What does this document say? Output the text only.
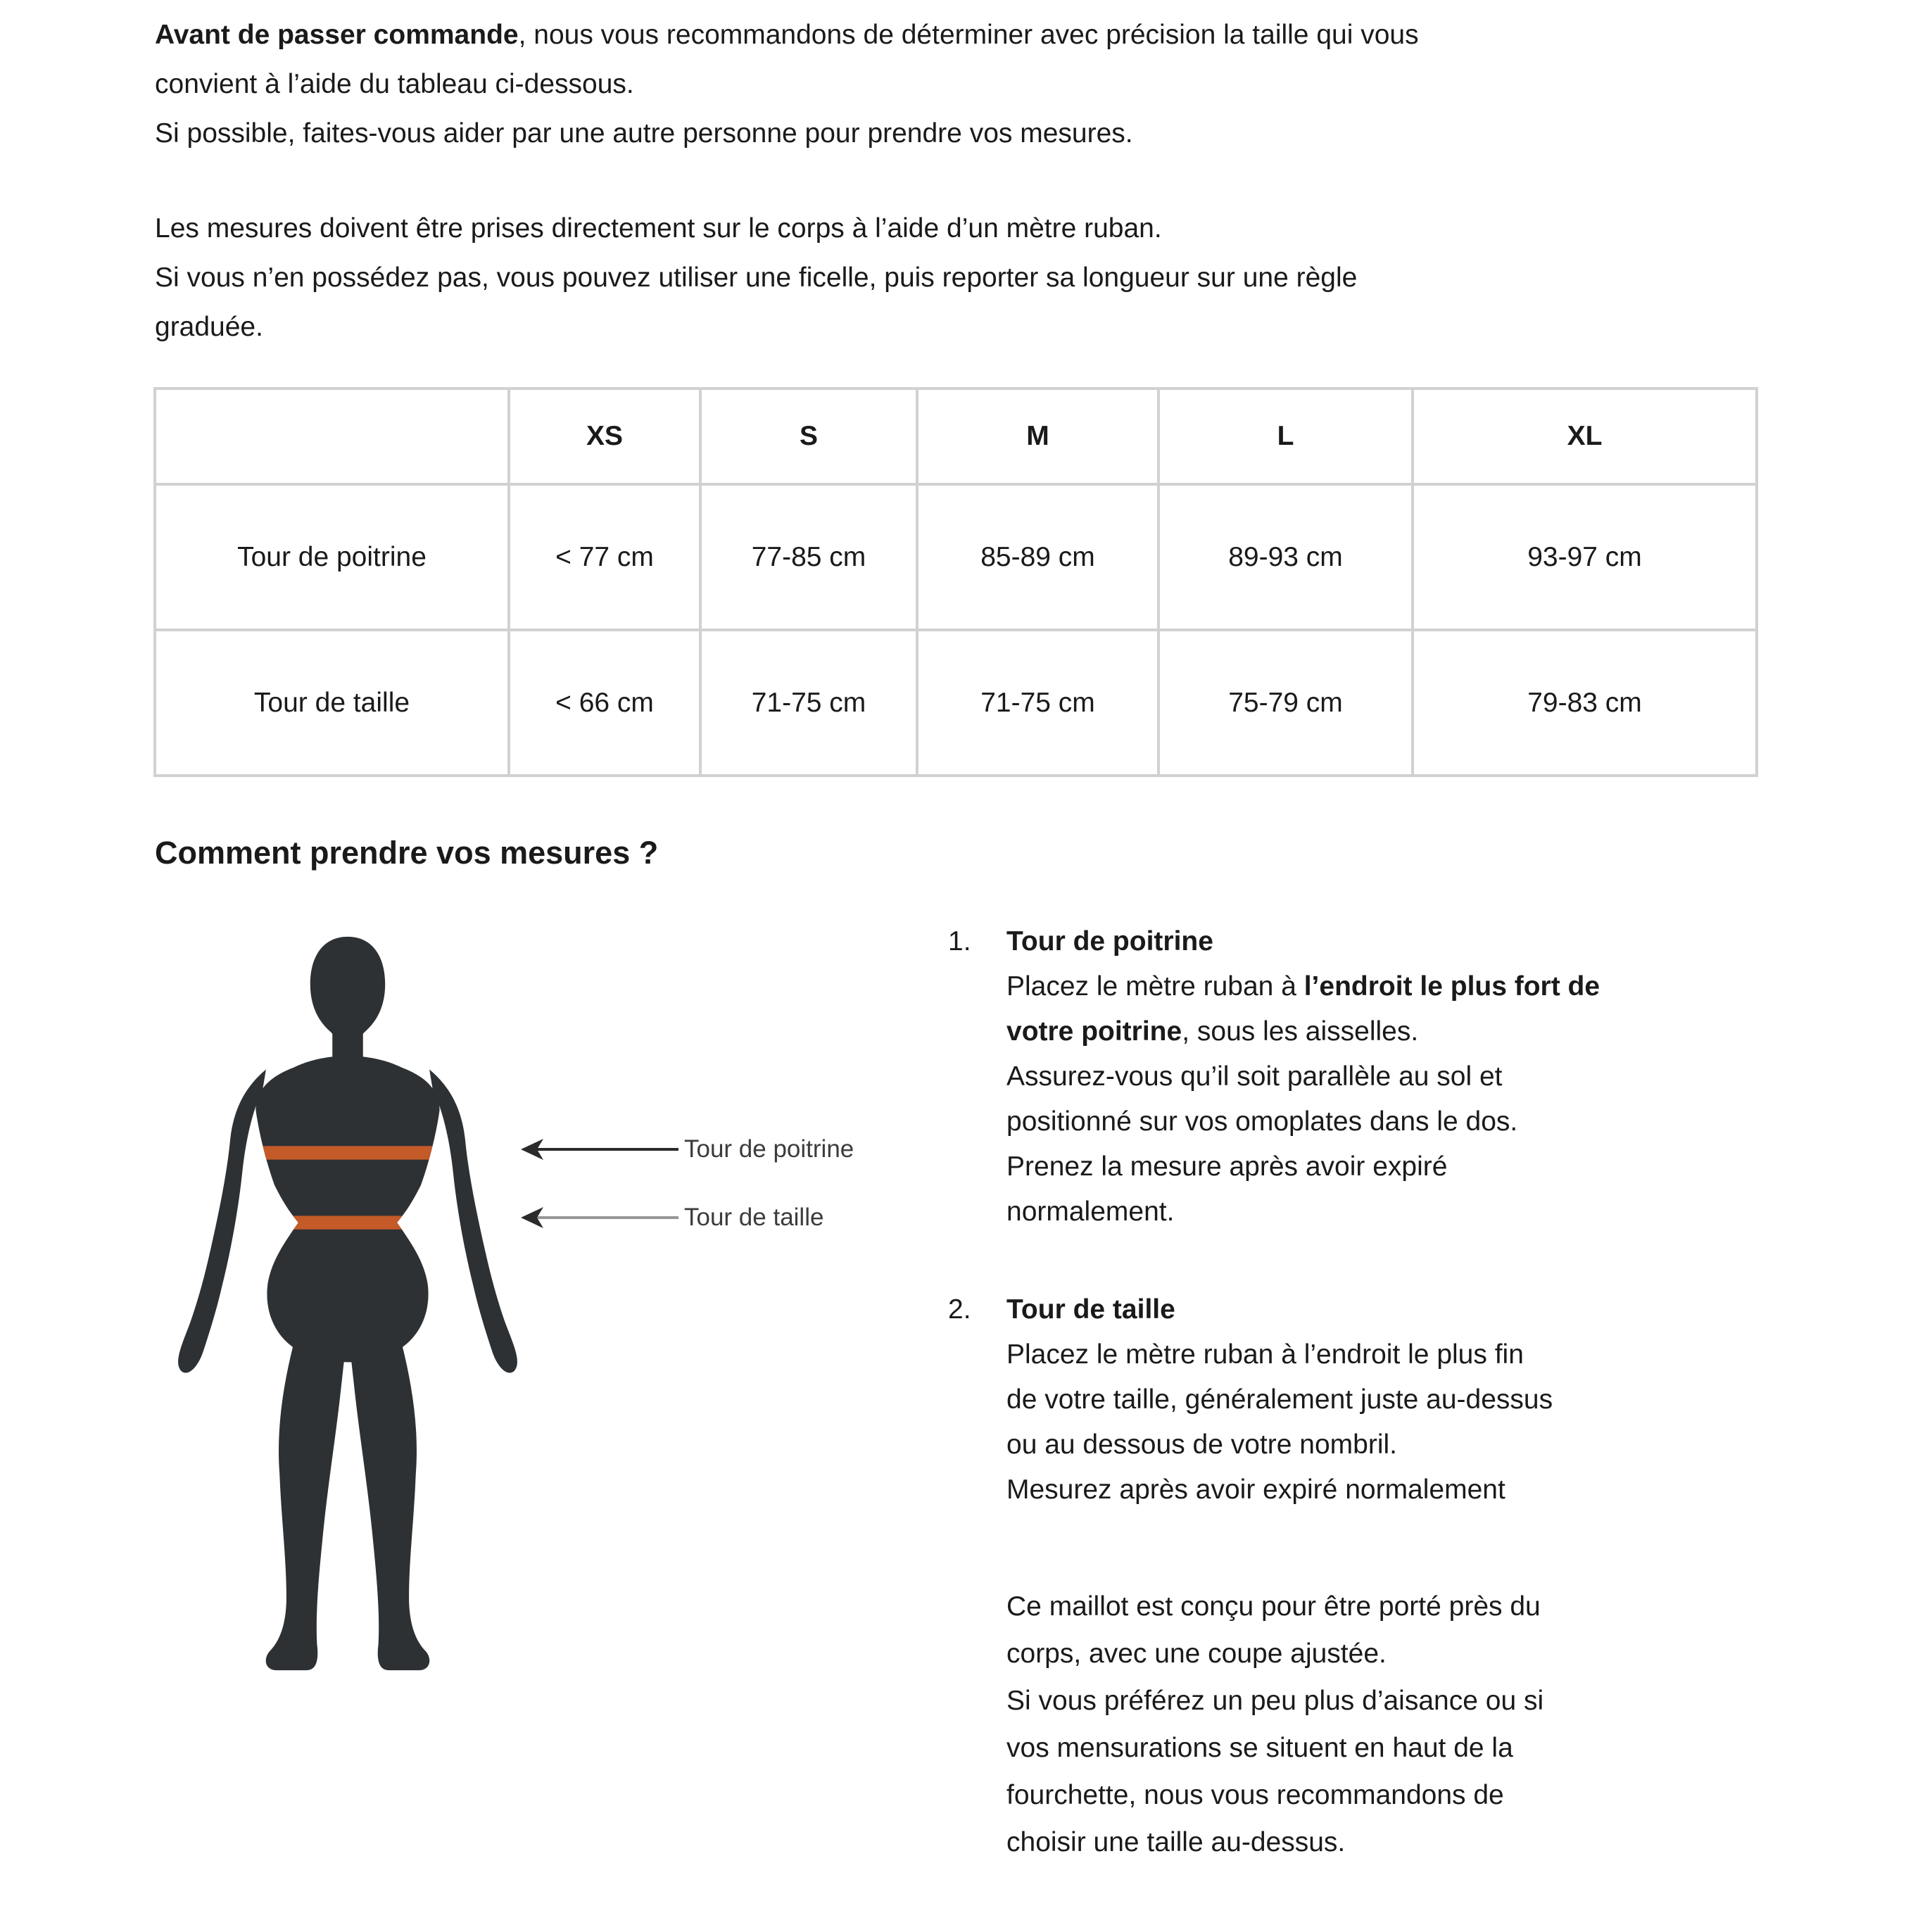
Avant de passer commande, nous vous recommandons de déterminer avec précision la taille qui vous
convient à l’aide du tableau ci-dessous.
Si possible, faites-vous aider par une autre personne pour prendre vos mesures.
Les mesures doivent être prises directement sur le corps à l’aide d’un mètre ruban.
Si vous n’en possédez pas, vous pouvez utiliser une ficelle, puis reporter sa longueur sur une règle
graduée.
	XS	S	M	L	XL
Tour de poitrine	< 77 cm	77-85 cm	85-89 cm	89-93 cm	93-97 cm
Tour de taille	< 66 cm	71-75 cm	71-75 cm	75-79 cm	79-83 cm
Comment prendre vos mesures ?
Tour de poitrine
Tour de taille
1.	Tour de poitrine
Placez le mètre ruban à l’endroit le plus fort de
votre poitrine, sous les aisselles.
Assurez-vous qu’il soit parallèle au sol et
positionné sur vos omoplates dans le dos.
Prenez la mesure après avoir expiré
normalement.
2.	Tour de taille
Placez le mètre ruban à l’endroit le plus fin
de votre taille, généralement juste au-dessus
ou au dessous de votre nombril.
Mesurez après avoir expiré normalement
Ce maillot est conçu pour être porté près du
corps, avec une coupe ajustée.
Si vous préférez un peu plus d’aisance ou si
vos mensurations se situent en haut de la
fourchette, nous vous recommandons de
choisir une taille au-dessus.
